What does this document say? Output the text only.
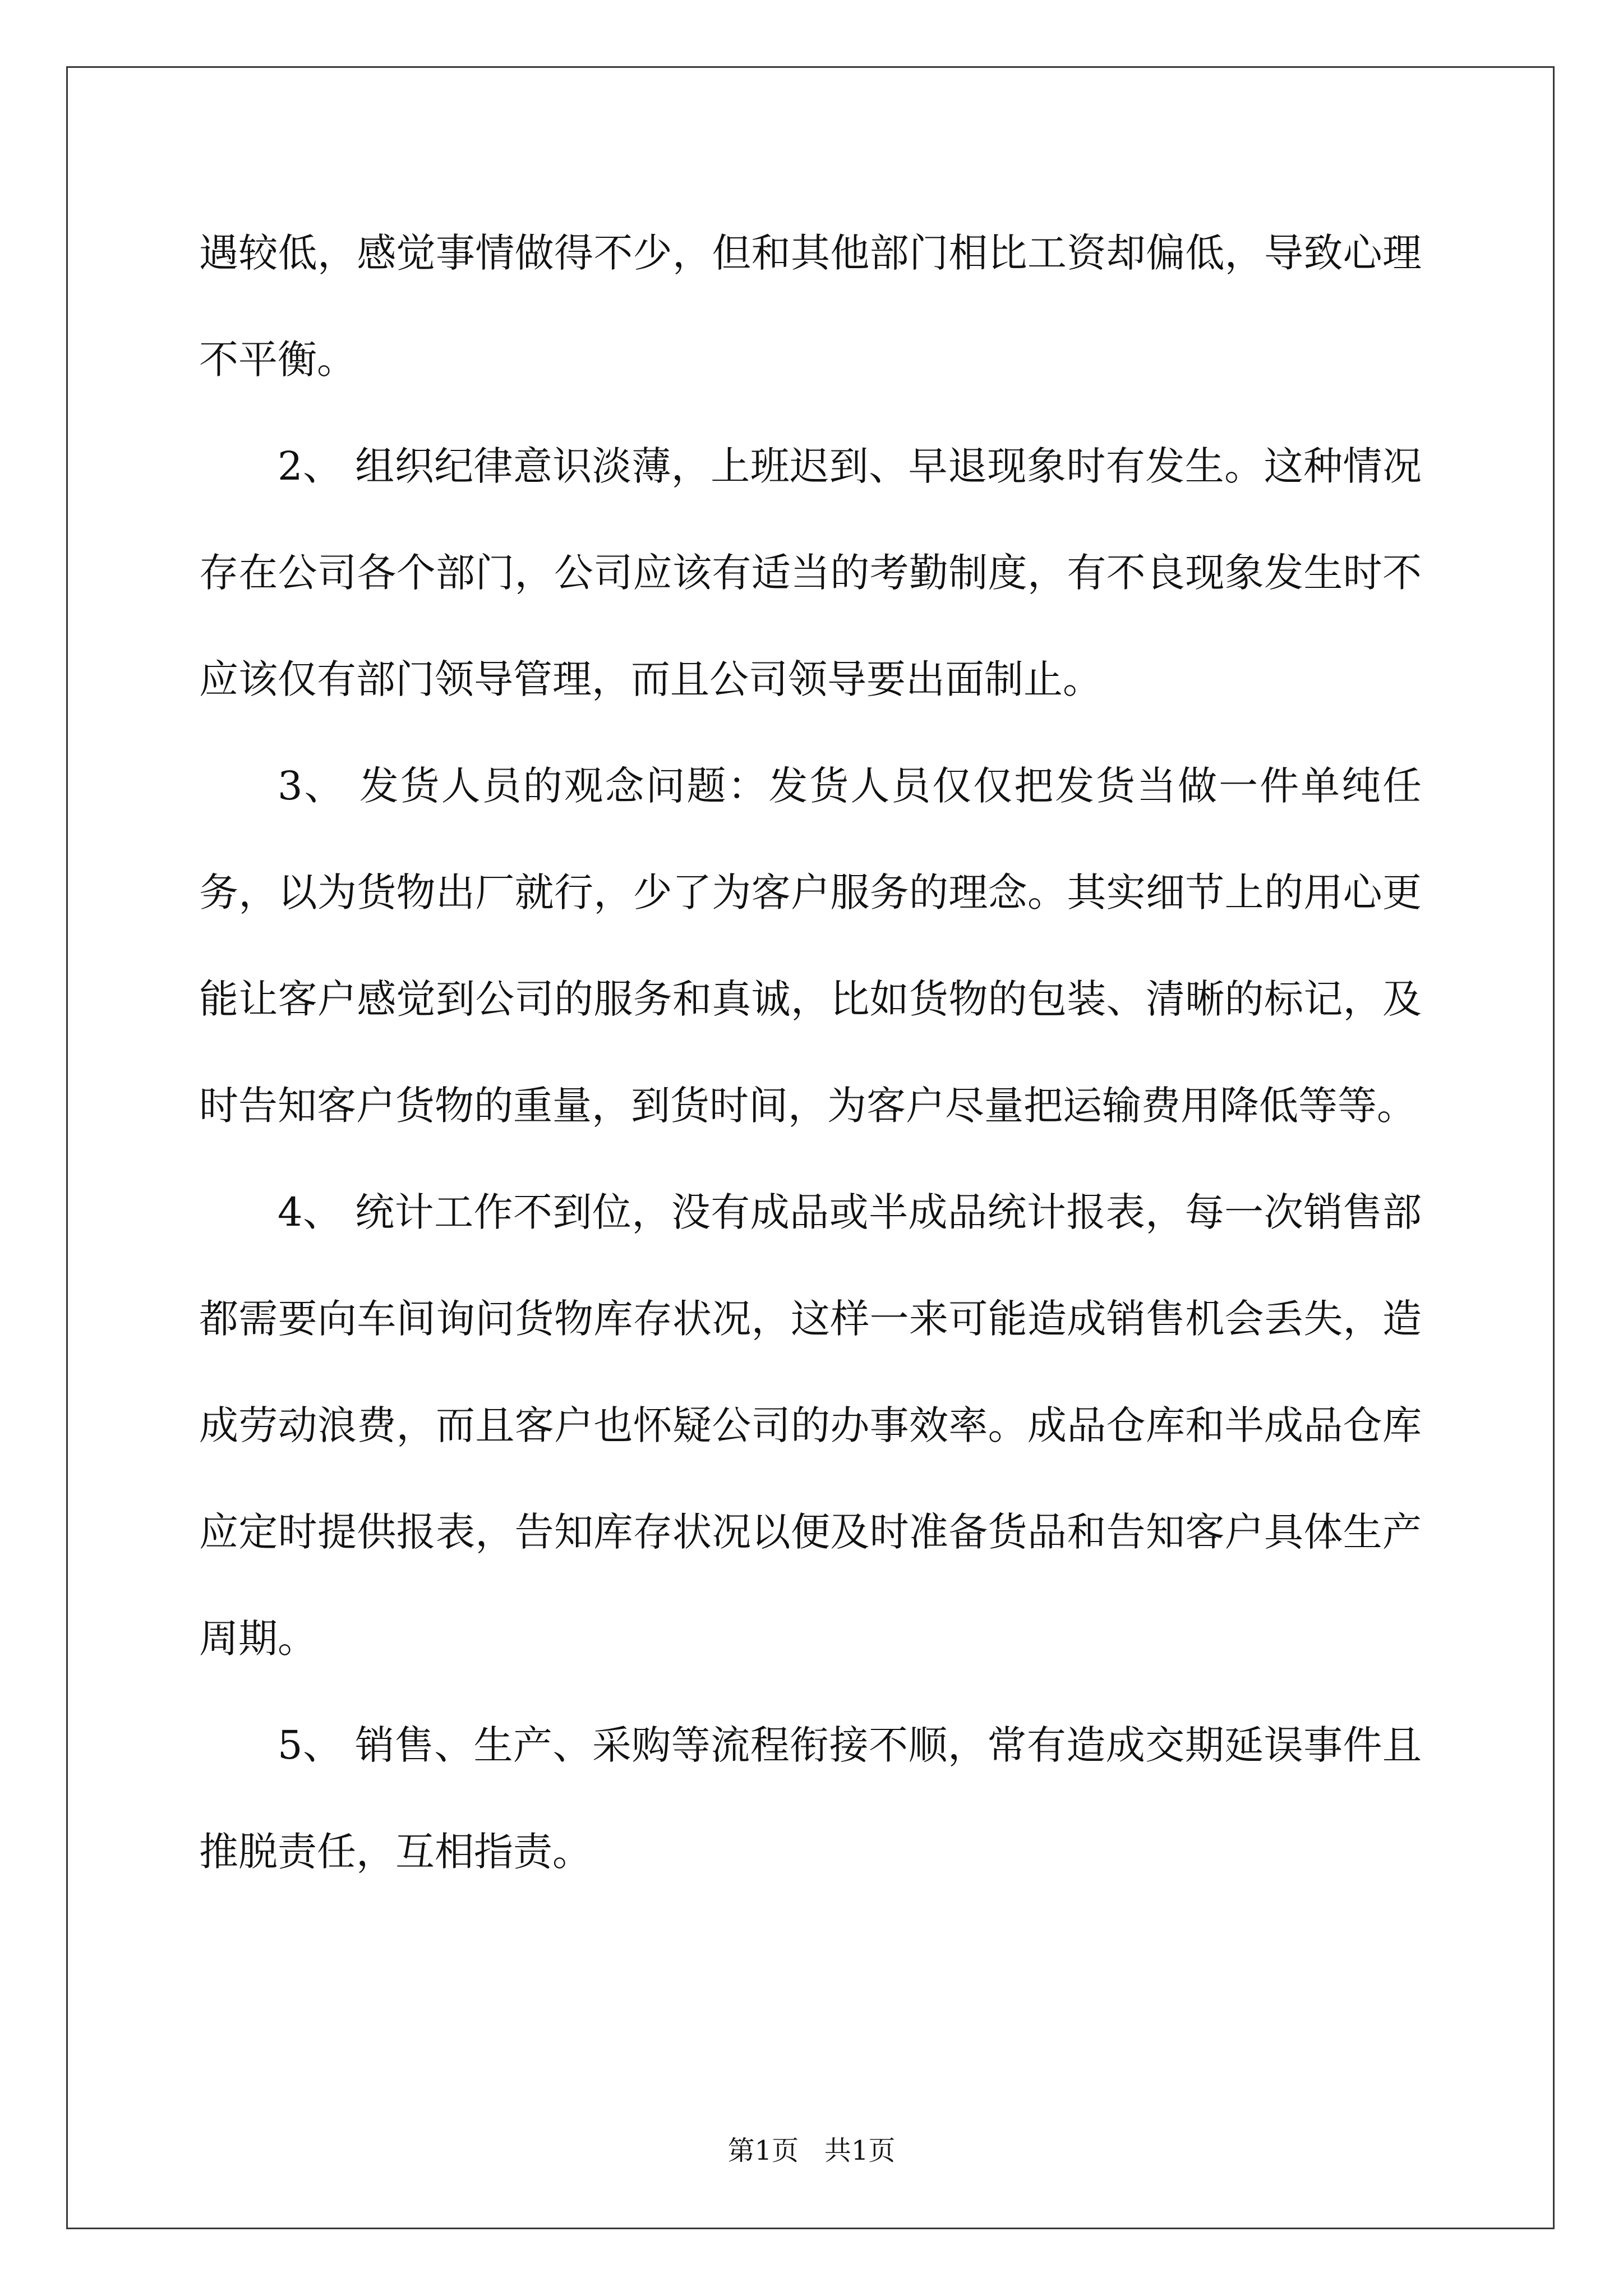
遇较低，感觉事情做得不少，但和其他部门相比工资却偏低，导致心理不平衡。

2、 组织纪律意识淡薄，上班迟到、早退现象时有发生。这种情况存在公司各个部门，公司应该有适当的考勤制度，有不良现象发生时不应该仅有部门领导管理，而且公司领导要出面制止。

3、 发货人员的观念问题：发货人员仅仅把发货当做一件单纯任务，以为货物出厂就行，少了为客户服务的理念。其实细节上的用心更能让客户感觉到公司的服务和真诚，比如货物的包装、清晰的标记，及时告知客户货物的重量，到货时间，为客户尽量把运输费用降低等等。

4、 统计工作不到位，没有成品或半成品统计报表，每一次销售部都需要向车间询问货物库存状况，这样一来可能造成销售机会丢失，造成劳动浪费，而且客户也怀疑公司的办事效率。成品仓库和半成品仓库应定时提供报表，告知库存状况以便及时准备货品和告知客户具体生产周期。

5、 销售、生产、采购等流程衔接不顺，常有造成交期延误事件且推脱责任，互相指责。

第1页 共1页
